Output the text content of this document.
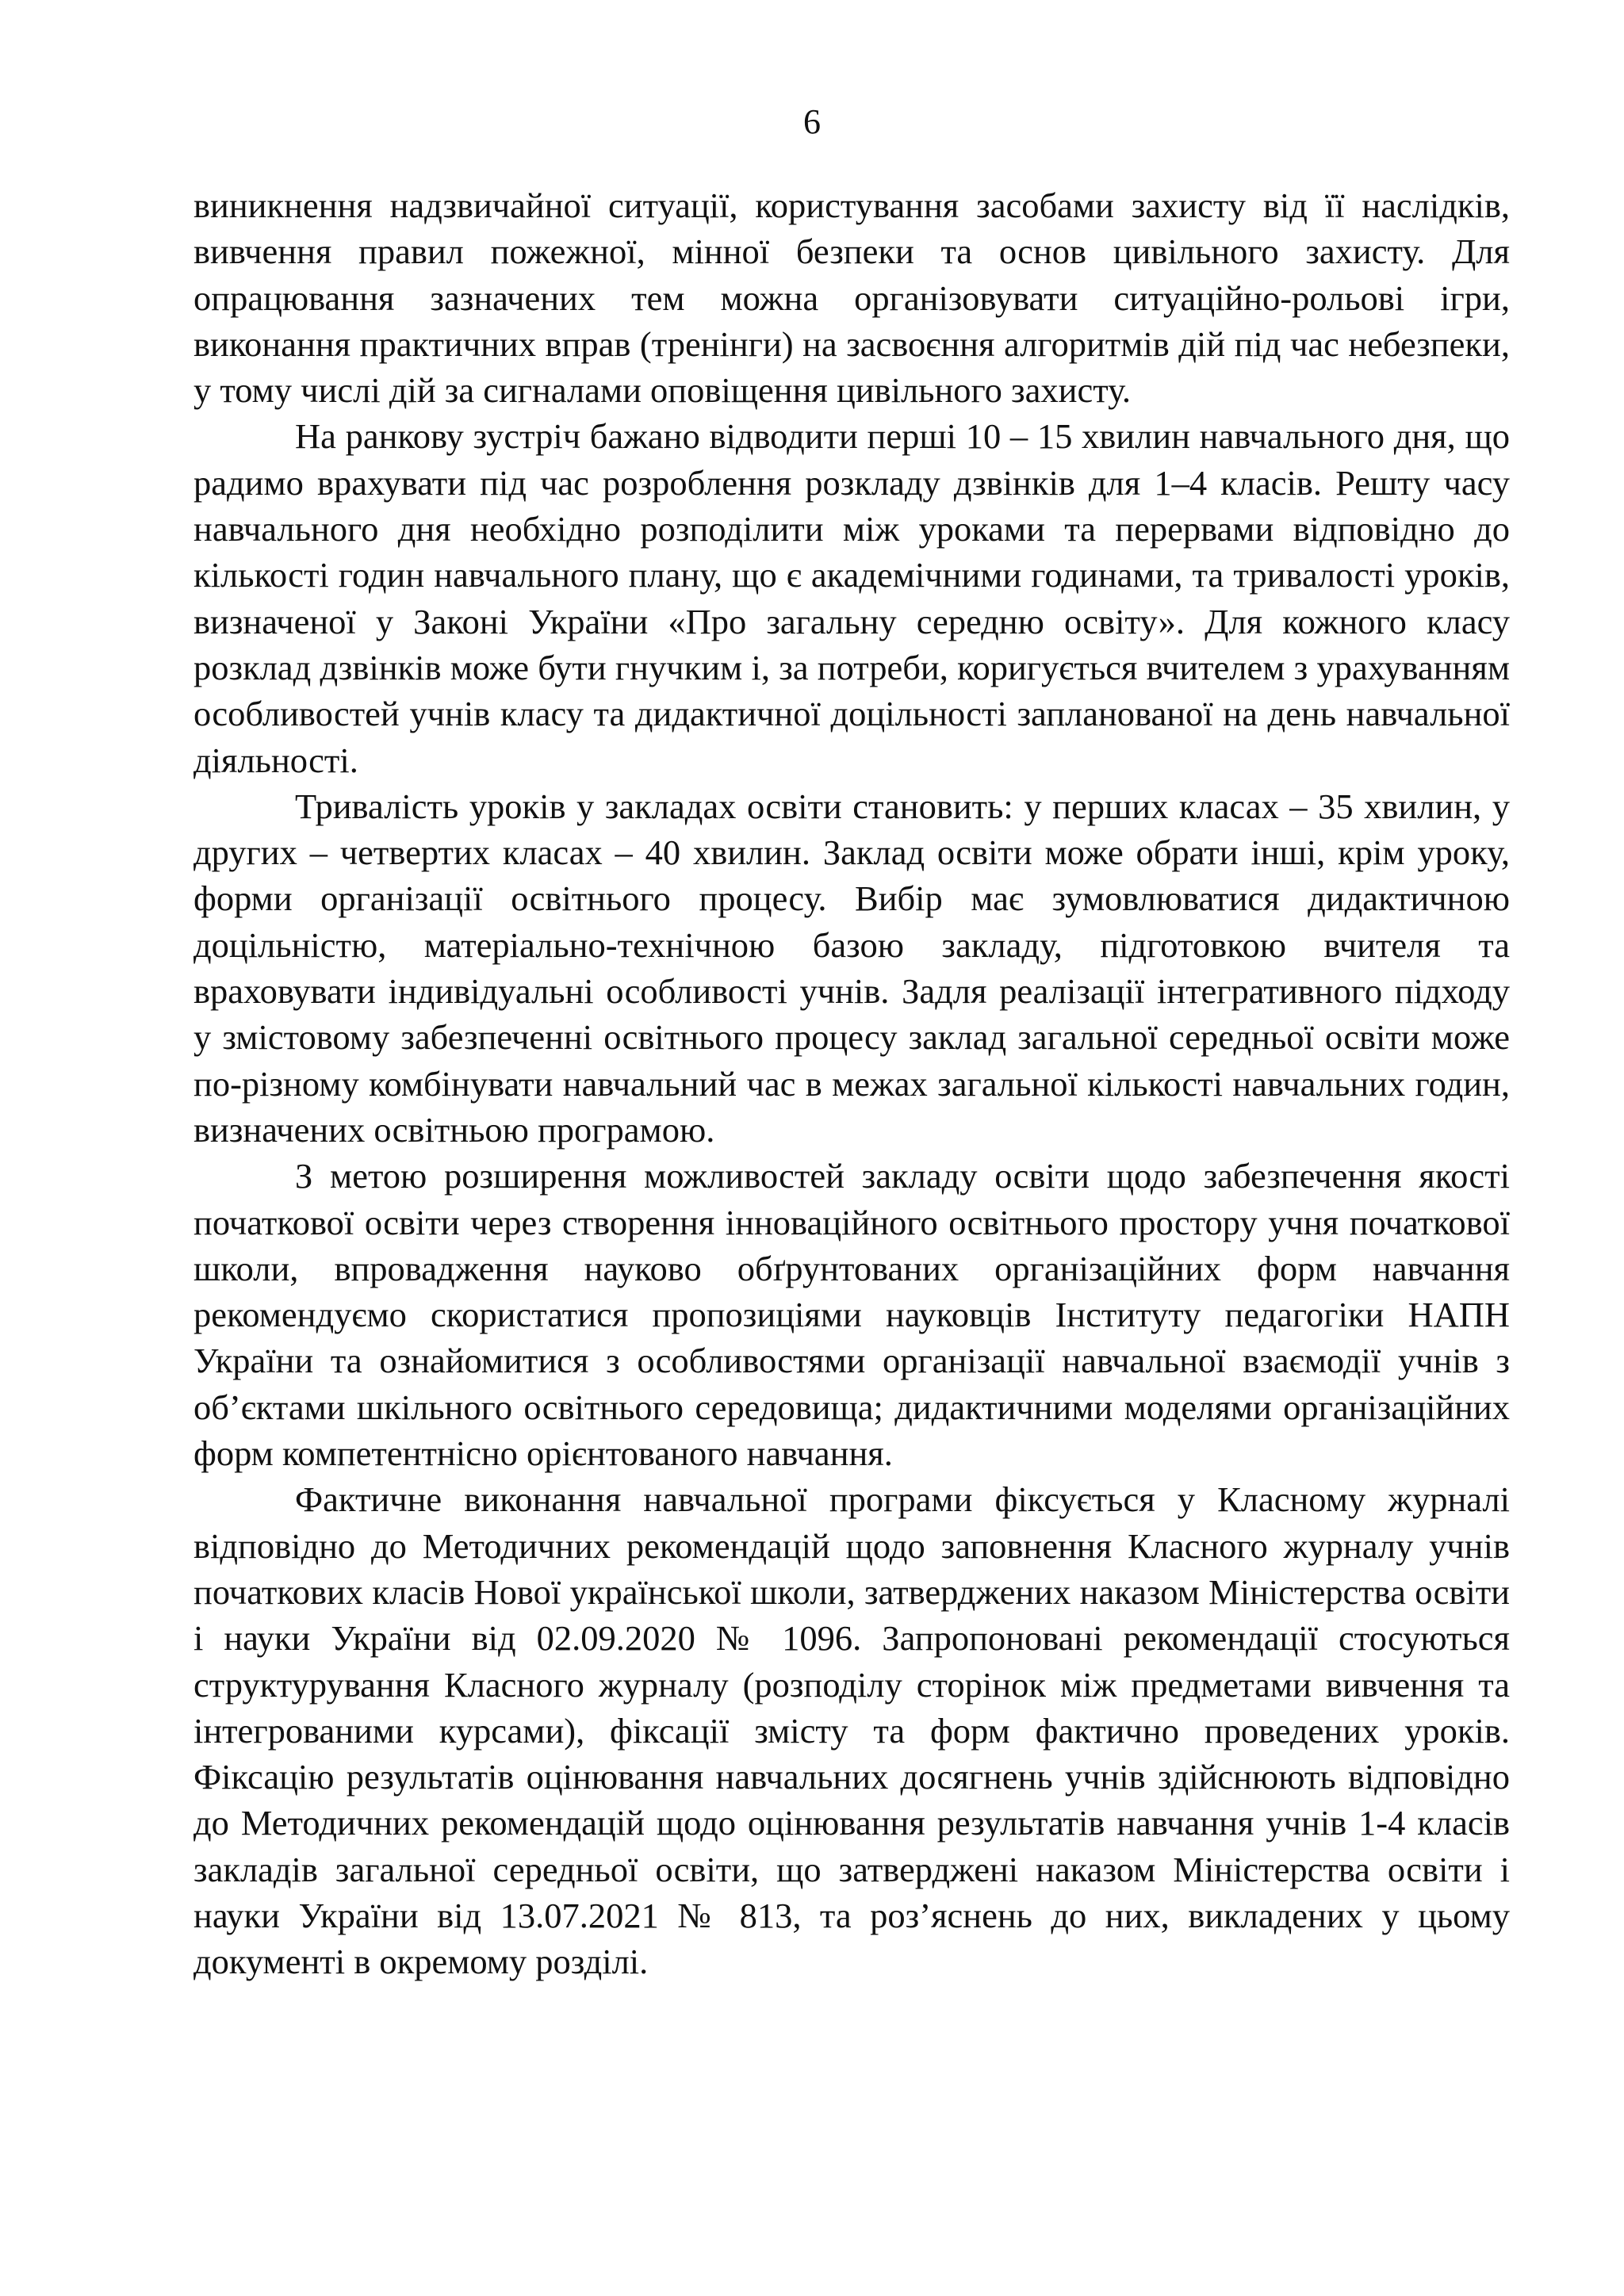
6

виникнення надзвичайної ситуації, користування засобами захисту від її наслідків, вивчення правил пожежної, мінної безпеки та основ цивільного захисту. Для опрацювання зазначених тем можна організовувати ситуаційно-рольові ігри, виконання практичних вправ (тренінги) на засвоєння алгоритмів дій під час небезпеки, у тому числі дій за сигналами оповіщення цивільного захисту.

На ранкову зустріч бажано відводити перші 10 – 15 хвилин навчального дня, що радимо врахувати під час розроблення розкладу дзвінків для 1–4 класів. Решту часу навчального дня необхідно розподілити між уроками та перервами відповідно до кількості годин навчального плану, що є академічними годинами, та тривалості уроків, визначеної у Законі України «Про загальну середню освіту». Для кожного класу розклад дзвінків може бути гнучким і, за потреби, коригується вчителем з урахуванням особливостей учнів класу та дидактичної доцільності запланованої на день навчальної діяльності.

Тривалість уроків у закладах освіти становить: у перших класах – 35 хвилин, у других – четвертих класах – 40 хвилин. Заклад освіти може обрати інші, крім уроку, форми організації освітнього процесу. Вибір має зумовлюватися дидактичною доцільністю, матеріально-технічною базою закладу, підготовкою вчителя та враховувати індивідуальні особливості учнів. Задля реалізації інтегративного підходу у змістовому забезпеченні освітнього процесу заклад загальної середньої освіти може по-різному комбінувати навчальний час в межах загальної кількості навчальних годин, визначених освітньою програмою.

З метою розширення можливостей закладу освіти щодо забезпечення якості початкової освіти через створення інноваційного освітнього простору учня початкової школи, впровадження науково обґрунтованих організаційних форм навчання рекомендуємо скористатися пропозиціями науковців Інституту педагогіки НАПН України та ознайомитися з особливостями організації навчальної взаємодії учнів з об’єктами шкільного освітнього середовища; дидактичними моделями організаційних форм компетентнісно орієнтованого навчання.

Фактичне виконання навчальної програми фіксується у Класному журналі відповідно до Методичних рекомендацій щодо заповнення Класного журналу учнів початкових класів Нової української школи, затверджених наказом Міністерства освіти і науки України від 02.09.2020 № 1096. Запропоновані рекомендації стосуються структурування Класного журналу (розподілу сторінок між предметами вивчення та інтегрованими курсами), фіксації змісту та форм фактично проведених уроків. Фіксацію результатів оцінювання навчальних досягнень учнів здійснюють відповідно до Методичних рекомендацій щодо оцінювання результатів навчання учнів 1-4 класів закладів загальної середньої освіти, що затверджені наказом Міністерства освіти і науки України від 13.07.2021 № 813, та роз’яснень до них, викладених у цьому документі в окремому розділі.
